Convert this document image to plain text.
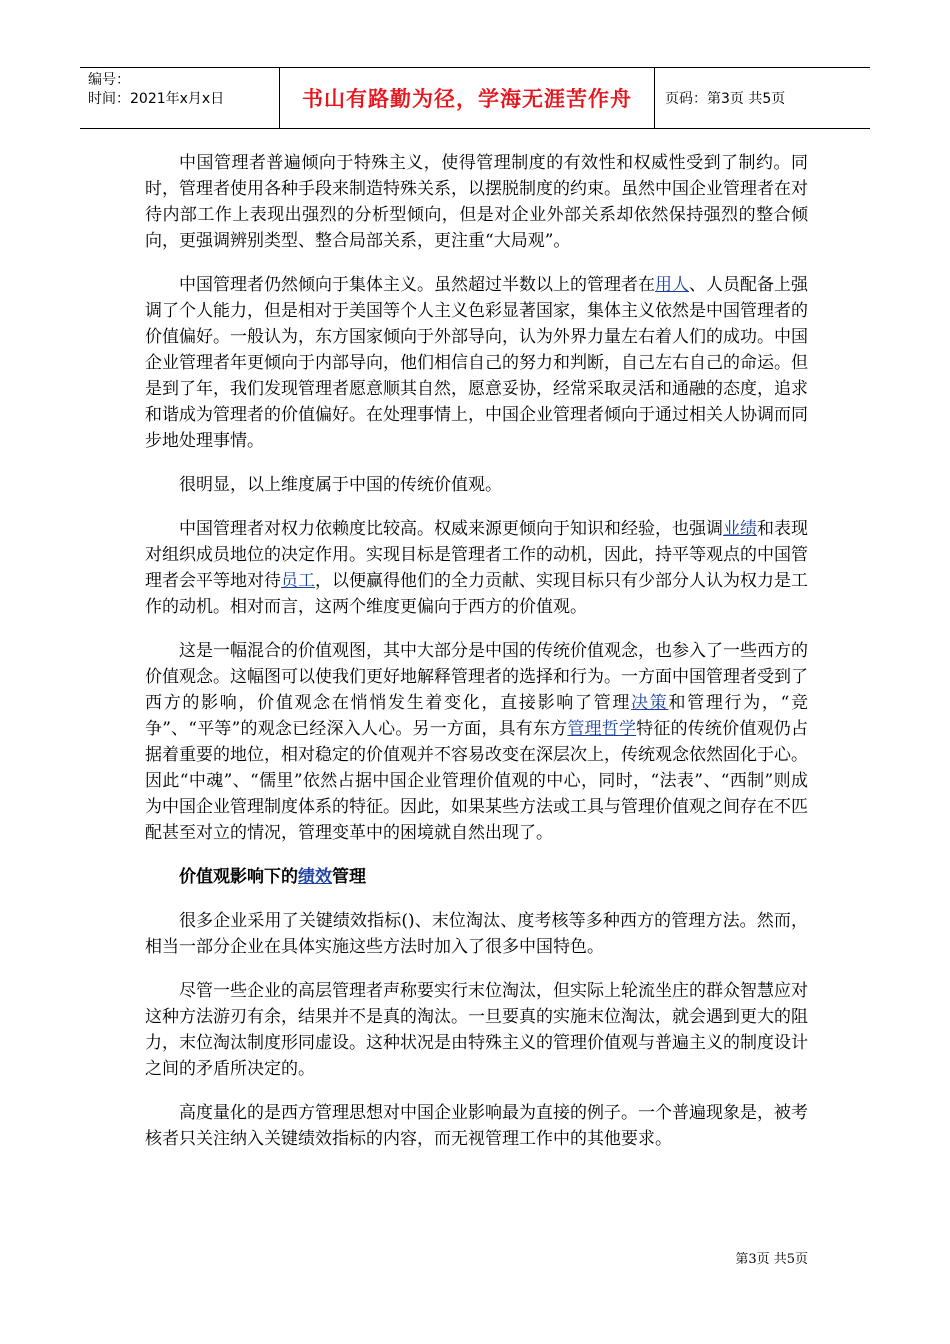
编号：
时间：2021年x月x日	书山有路勤为径，学海无涯苦作舟	页码：第3页 共5页

中国管理者普遍倾向于特殊主义，使得管理制度的有效性和权威性受到了制约。同时，管理者使用各种手段来制造特殊关系，以摆脱制度的约束。虽然中国企业管理者在对待内部工作上表现出强烈的分析型倾向，但是对企业外部关系却依然保持强烈的整合倾向，更强调辨别类型、整合局部关系，更注重“大局观”。

中国管理者仍然倾向于集体主义。虽然超过半数以上的管理者在用人、人员配备上强调了个人能力，但是相对于美国等个人主义色彩显著国家，集体主义依然是中国管理者的价值偏好。一般认为，东方国家倾向于外部导向，认为外界力量左右着人们的成功。中国企业管理者年更倾向于内部导向，他们相信自己的努力和判断，自己左右自己的命运。但是到了年，我们发现管理者愿意顺其自然，愿意妥协，经常采取灵活和通融的态度，追求和谐成为管理者的价值偏好。在处理事情上，中国企业管理者倾向于通过相关人协调而同步地处理事情。

很明显，以上维度属于中国的传统价值观。

中国管理者对权力依赖度比较高。权威来源更倾向于知识和经验，也强调业绩和表现对组织成员地位的决定作用。实现目标是管理者工作的动机，因此，持平等观点的中国管理者会平等地对待员工，以便赢得他们的全力贡献、实现目标只有少部分人认为权力是工作的动机。相对而言，这两个维度更偏向于西方的价值观。

这是一幅混合的价值观图，其中大部分是中国的传统价值观念，也参入了一些西方的价值观念。这幅图可以使我们更好地解释管理者的选择和行为。一方面中国管理者受到了西方的影响，价值观念在悄悄发生着变化，直接影响了管理决策和管理行为，“竞争”、“平等”的观念已经深入人心。另一方面，具有东方管理哲学特征的传统价值观仍占据着重要的地位，相对稳定的价值观并不容易改变在深层次上，传统观念依然固化于心。因此“中魂”、“儒里”依然占据中国企业管理价值观的中心，同时，“法表”、“西制”则成为中国企业管理制度体系的特征。因此，如果某些方法或工具与管理价值观之间存在不匹配甚至对立的情况，管理变革中的困境就自然出现了。

价值观影响下的绩效管理

很多企业采用了关键绩效指标()、末位淘汰、度考核等多种西方的管理方法。然而，相当一部分企业在具体实施这些方法时加入了很多中国特色。

尽管一些企业的高层管理者声称要实行末位淘汰，但实际上轮流坐庄的群众智慧应对这种方法游刃有余，结果并不是真的淘汰。一旦要真的实施末位淘汰，就会遇到更大的阻力，末位淘汰制度形同虚设。这种状况是由特殊主义的管理价值观与普遍主义的制度设计之间的矛盾所决定的。

高度量化的是西方管理思想对中国企业影响最为直接的例子。一个普遍现象是，被考核者只关注纳入关键绩效指标的内容，而无视管理工作中的其他要求。

第3页 共5页
